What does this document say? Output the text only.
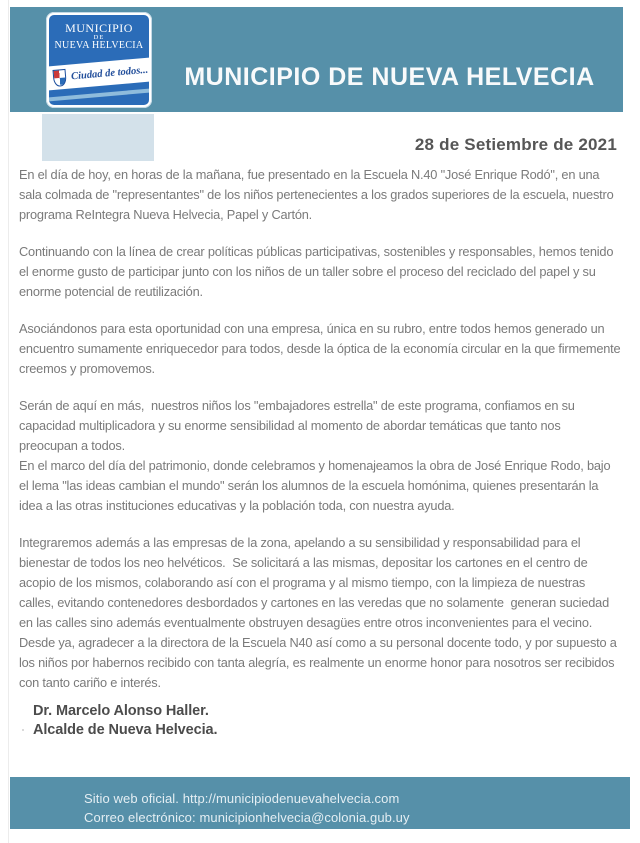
MUNICIPIO
DE
NUEVA HELVECIA
Ciudad de todos...	MUNICIPIO DE NUEVA HELVECIA
28 de Setiembre de 2021

En el día de hoy, en horas de la mañana, fue presentado en la Escuela N.40 "José Enrique Rodó", en una sala colmada de "representantes" de los niños pertenecientes a los grados superiores de la escuela, nuestro programa ReIntegra Nueva Helvecia, Papel y Cartón.

Continuando con la línea de crear políticas públicas participativas, sostenibles y responsables, hemos tenido el enorme gusto de participar junto con los niños de un taller sobre el proceso del reciclado del papel y su enorme potencial de reutilización.

Asociándonos para esta oportunidad con una empresa, única en su rubro, entre todos hemos generado un encuentro sumamente enriquecedor para todos, desde la óptica de la economía circular en la que firmemente creemos y promovemos.

Serán de aquí en más,  nuestros niños los "embajadores estrella" de este programa, confiamos en su capacidad multiplicadora y su enorme sensibilidad al momento de abordar temáticas que tanto nos preocupan a todos.

En el marco del día del patrimonio, donde celebramos y homenajeamos la obra de José Enrique Rodo, bajo el lema "las ideas cambian el mundo" serán los alumnos de la escuela homónima, quienes presentarán la idea a las otras instituciones educativas y la población toda, con nuestra ayuda.

Integraremos además a las empresas de la zona, apelando a su sensibilidad y responsabilidad para el bienestar de todos los neo helvéticos.  Se solicitará a las mismas, depositar los cartones en el centro de acopio de los mismos, colaborando así con el programa y al mismo tiempo, con la limpieza de nuestras calles, evitando contenedores desbordados y cartones en las veredas que no solamente  generan suciedad en las calles sino además eventualmente obstruyen desagües entre otros inconvenientes para el vecino.

Desde ya, agradecer a la directora de la Escuela N40 así como a su personal docente todo, y por supuesto a los niños por habernos recibido con tanta alegría, es realmente un enorme honor para nosotros ser recibidos con tanto cariño e interés.

Dr. Marcelo Alonso Haller.
Alcalde de Nueva Helvecia.
Sitio web oficial. http://municipiodenuevahelvecia.com
Correo electrónico: municipionhelvecia@colonia.gub.uy
